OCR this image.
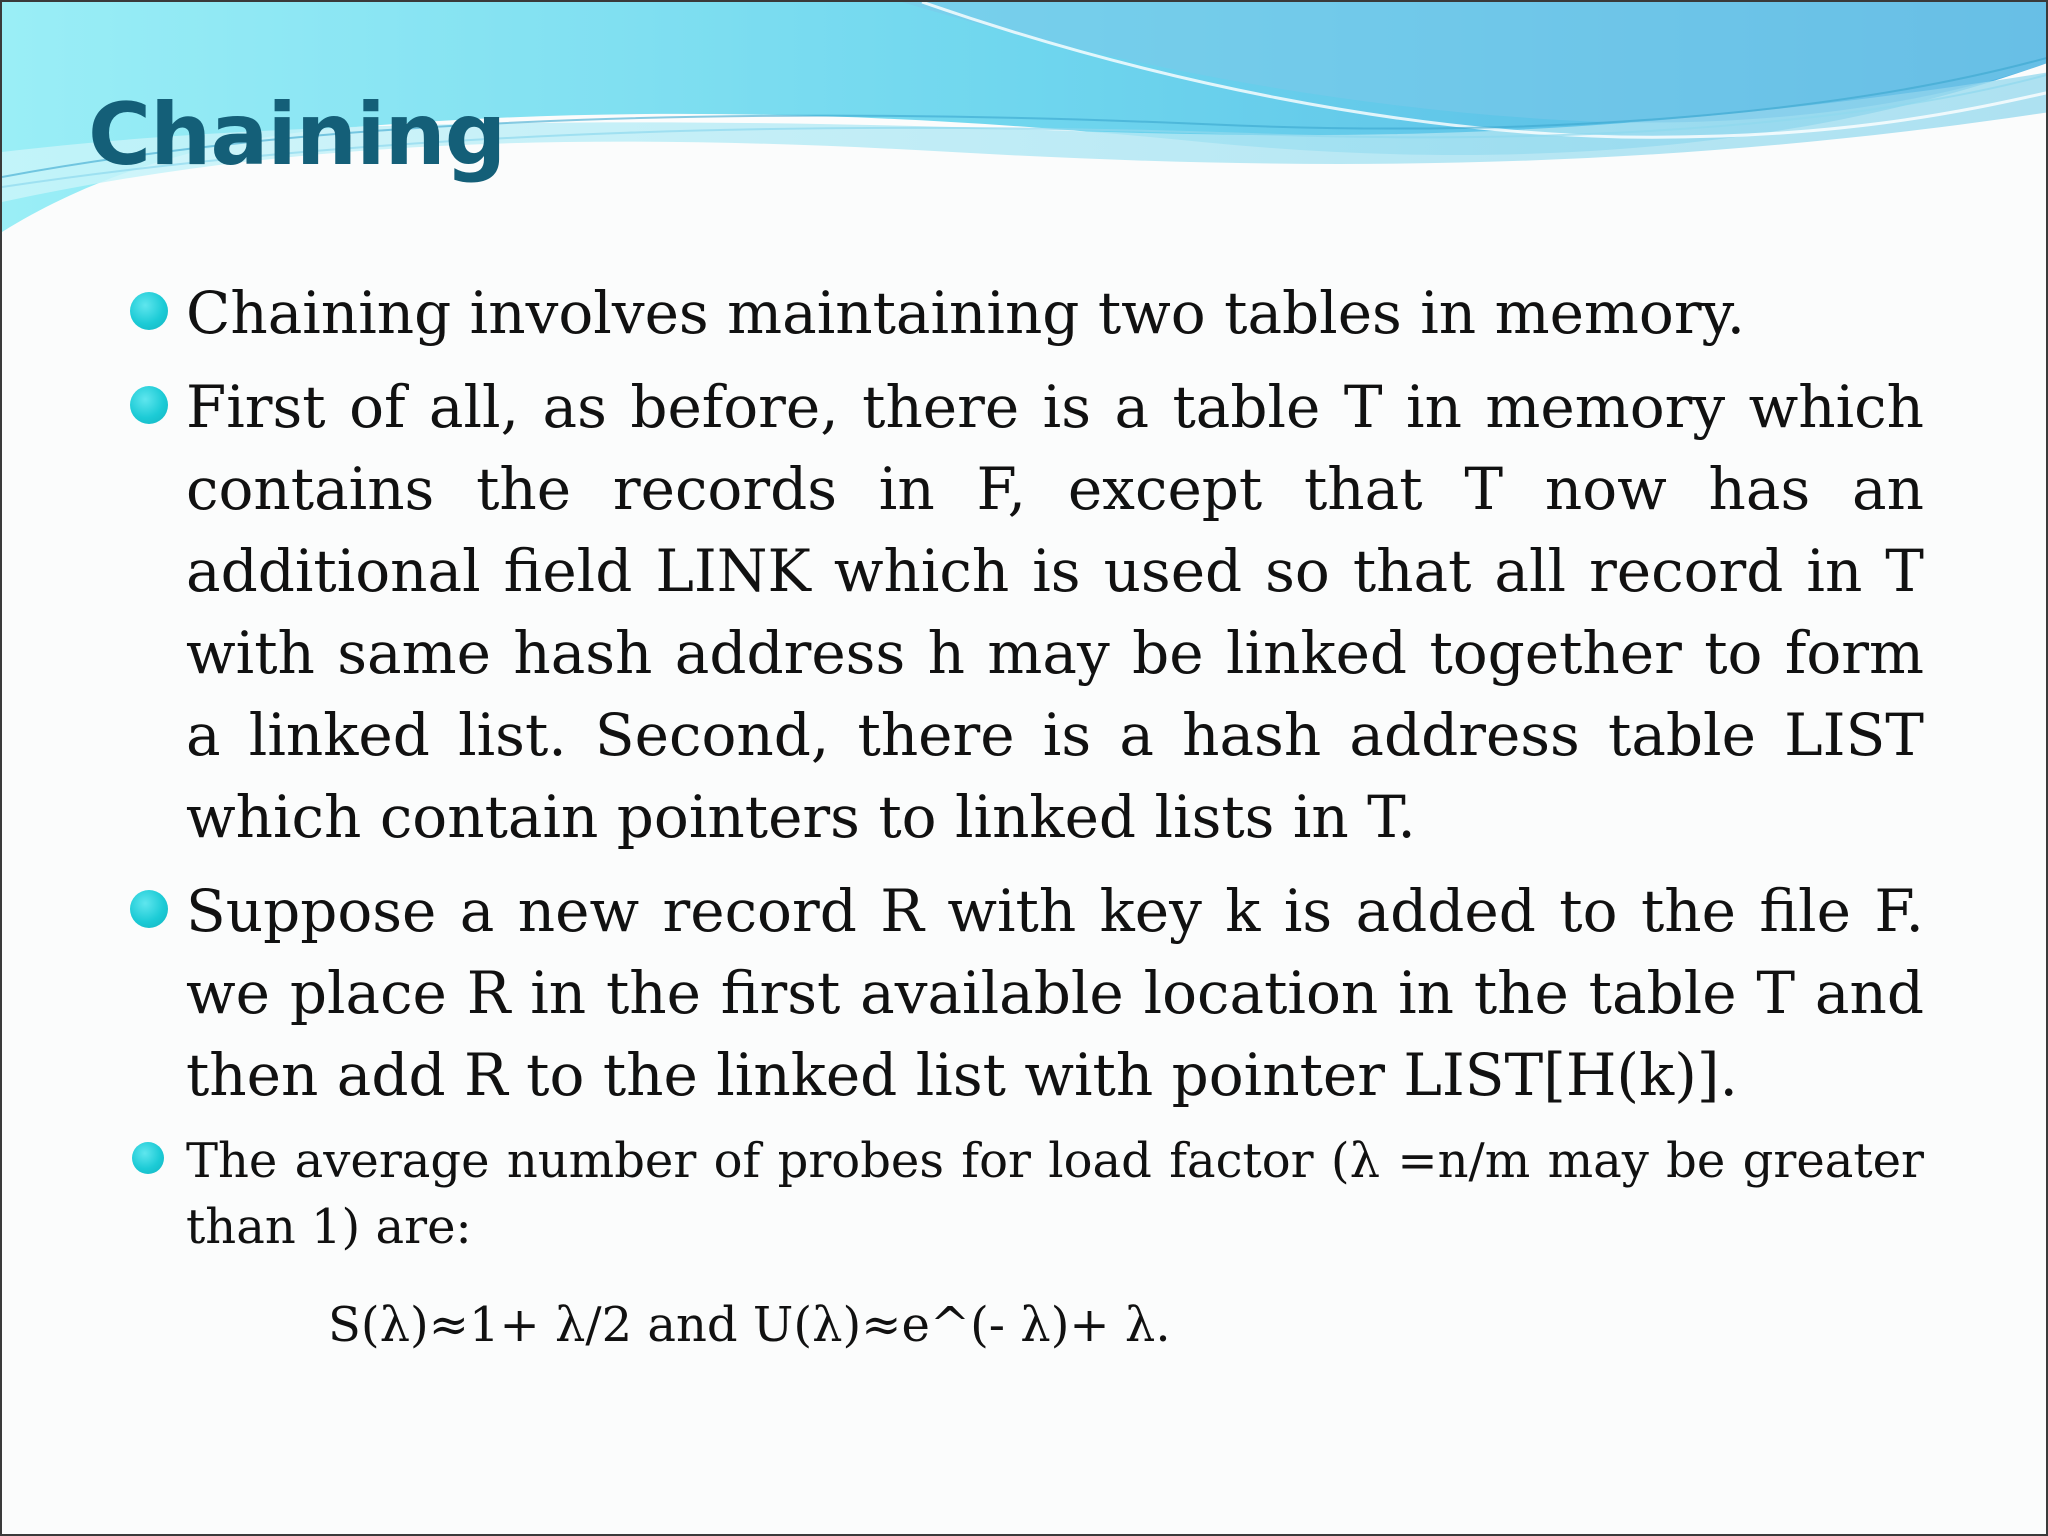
Chaining
Chaining involves maintaining two tables in memory.
First of all, as before, there is a table T in memory which contains the records in F, except that T now has an additional field LINK which is used so that all record in T with same hash address h may be linked together to form a linked list. Second, there is a hash address table LIST which contain pointers to linked lists in T.
Suppose a new record R with key k is added to the file F. we place R in the first available location in the table T and then add R to the linked list with pointer LIST[H(k)].
The average number of probes for load factor (λ =n/m may be greater than 1) are:
S(λ)≈1+ λ/2 and U(λ)≈e^(- λ)+ λ.
